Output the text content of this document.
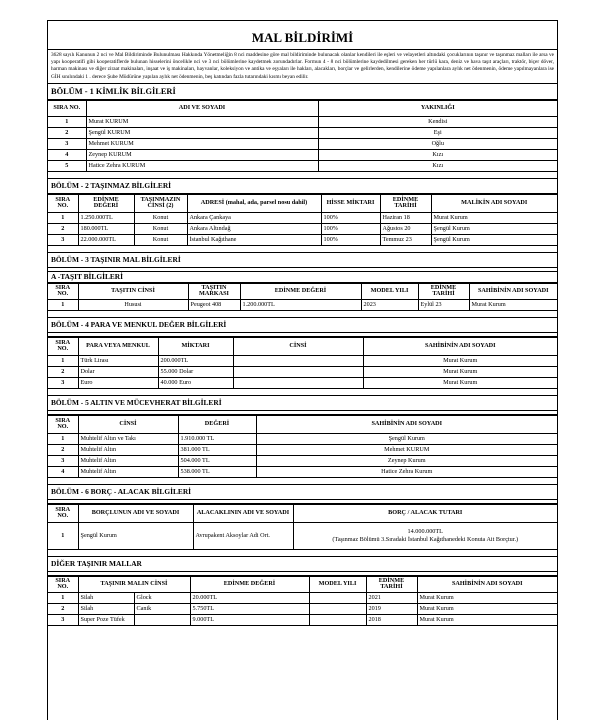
MAL BİLDİRİMİ
3628 sayılı Kanunun 2 nci ve Mal Bildiriminde Bulunulması Hakkında Yönetmeliğin 8 nci maddesine göre mal bildiriminde bulunacak olanlar kendileri ile eşleri ve velayetleri altındaki çocuklarının taşınır ve taşınmaz malları ile arsa ve yapı kooperatifi gibi kooperatiflerde bulunan hisselerini öncelikle nci ve 3 nci bölümlerine kaydetmek zorundadırlar. Formun 4 - 8 nci bölümlerine kaydedilmesi gereken her türlü kara, deniz ve hava taşıt araçları, traktör, biçer döver, harman makinası ve diğer ziraat makinaları, inşaat ve iş makinaları, hayvanlar, koleksiyon ve antika ve eşyaları ile hakları, alacakları, borçlar ve gelirlerden, kendilerine ödeme yapılanlara aylık net ödenmenin, ödeme yapılmayanlara ise GİH sınılındaki 1 . derece Şube Müdürüne yapılan aylık net ödenmenin, beş katından fazla tutarındaki kısmı beyan edilir.
BÖLÜM - 1 KİMLİK BİLGİLERİ
SIRA NO.	ADI VE SOYADI	YAKINLIĞI
1	Murat KURUM	Kendisi
2	Şengül KURUM	Eşi
3	Mehmet KURUM	Oğlu
4	Zeynep KURUM	Kızı
5	Hatice Zehra KURUM	Kızı
BÖLÜM - 2 TAŞINMAZ BİLGİLERİ
SIRA NO.	EDİNME DEĞERİ	TAŞINMAZIN CİNSİ (2)	ADRESİ (mahal, ada, parsel nosu dahil)	HİSSE MİKTARI	EDİNME TARİHİ	MALİKİN ADI SOYADI
1	1.250.000TL	Konut	Ankara Çankaya	100%	Haziran 18	Murat Kurum
2	180.000TL	Konut	Ankara Altındağ	100%	Ağustos 20	Şengül Kurum
3	22.000.000TL	Konut	İstanbul Kağıthane	100%	Temmuz 23	Şengül Kurum
BÖLÜM - 3 TAŞINIR MAL BİLGİLERİ
A -TAŞIT BİLGİLERİ
SIRA NO.	TAŞITIN CİNSİ	TAŞITIN MARKASI	EDİNME DEĞERİ	MODEL YILI	EDİNME TARİHİ	SAHİBİNİN ADI SOYADI
1	Hususi	Peugeot 408	1.200.000TL	2023	Eylül 23	Murat Kurum
BÖLÜM - 4 PARA VE MENKUL DEĞER BİLGİLERİ
SIRA NO.	PARA VEYA MENKUL	MİKTARI	CİNSİ	SAHİBİNİN ADI SOYADI
1	Türk Lirası	200.000TL		Murat Kurum
2	Dolar	55.000 Dolar		Murat Kurum
3	Euro	40.000 Euro		Murat Kurum
BÖLÜM - 5 ALTIN VE MÜCEVHERAT BİLGİLERİ
SIRA NO.	CİNSİ	DEĞERİ	SAHİBİNİN ADI SOYADI
1	Muhtelif Altın ve Takı	1.910.000 TL	Şengül Kurum
2	Muhtelif Altın	381.000 TL	Mehmet KURUM
3	Muhtelif Altın	504.000 TL	Zeynep Kurum
4	Muhtelif Altın	538.000 TL	Hatice Zehra Kurum
BÖLÜM - 6 BORÇ - ALACAK BİLGİLERİ
SIRA NO.	BORÇLUNUN ADI VE SOYADI	ALACAKLININ ADI VE SOYADI	BORÇ / ALACAK TUTARI
1	Şengül Kurum	Avrupakent Aksoylar Adi Ort.	14.000.000TL
(Taşınmaz Bölümü 3.Sıradaki İstanbul Kağıthanedeki Konuta Ait Borçtur.)
DİĞER TAŞINIR MALLAR
SIRA NO.	TAŞINIR MALIN CİNSİ		EDİNME DEĞERİ	MODEL YILI	EDİNME TARİHİ	SAHİBİNİN ADI SOYADI
1	Silah	Glock	20.000TL		2021	Murat Kurum
2	Silah	Canik	5.750TL		2019	Murat Kurum
3	Super Poze Tüfek		9.000TL		2018	Murat Kurum
